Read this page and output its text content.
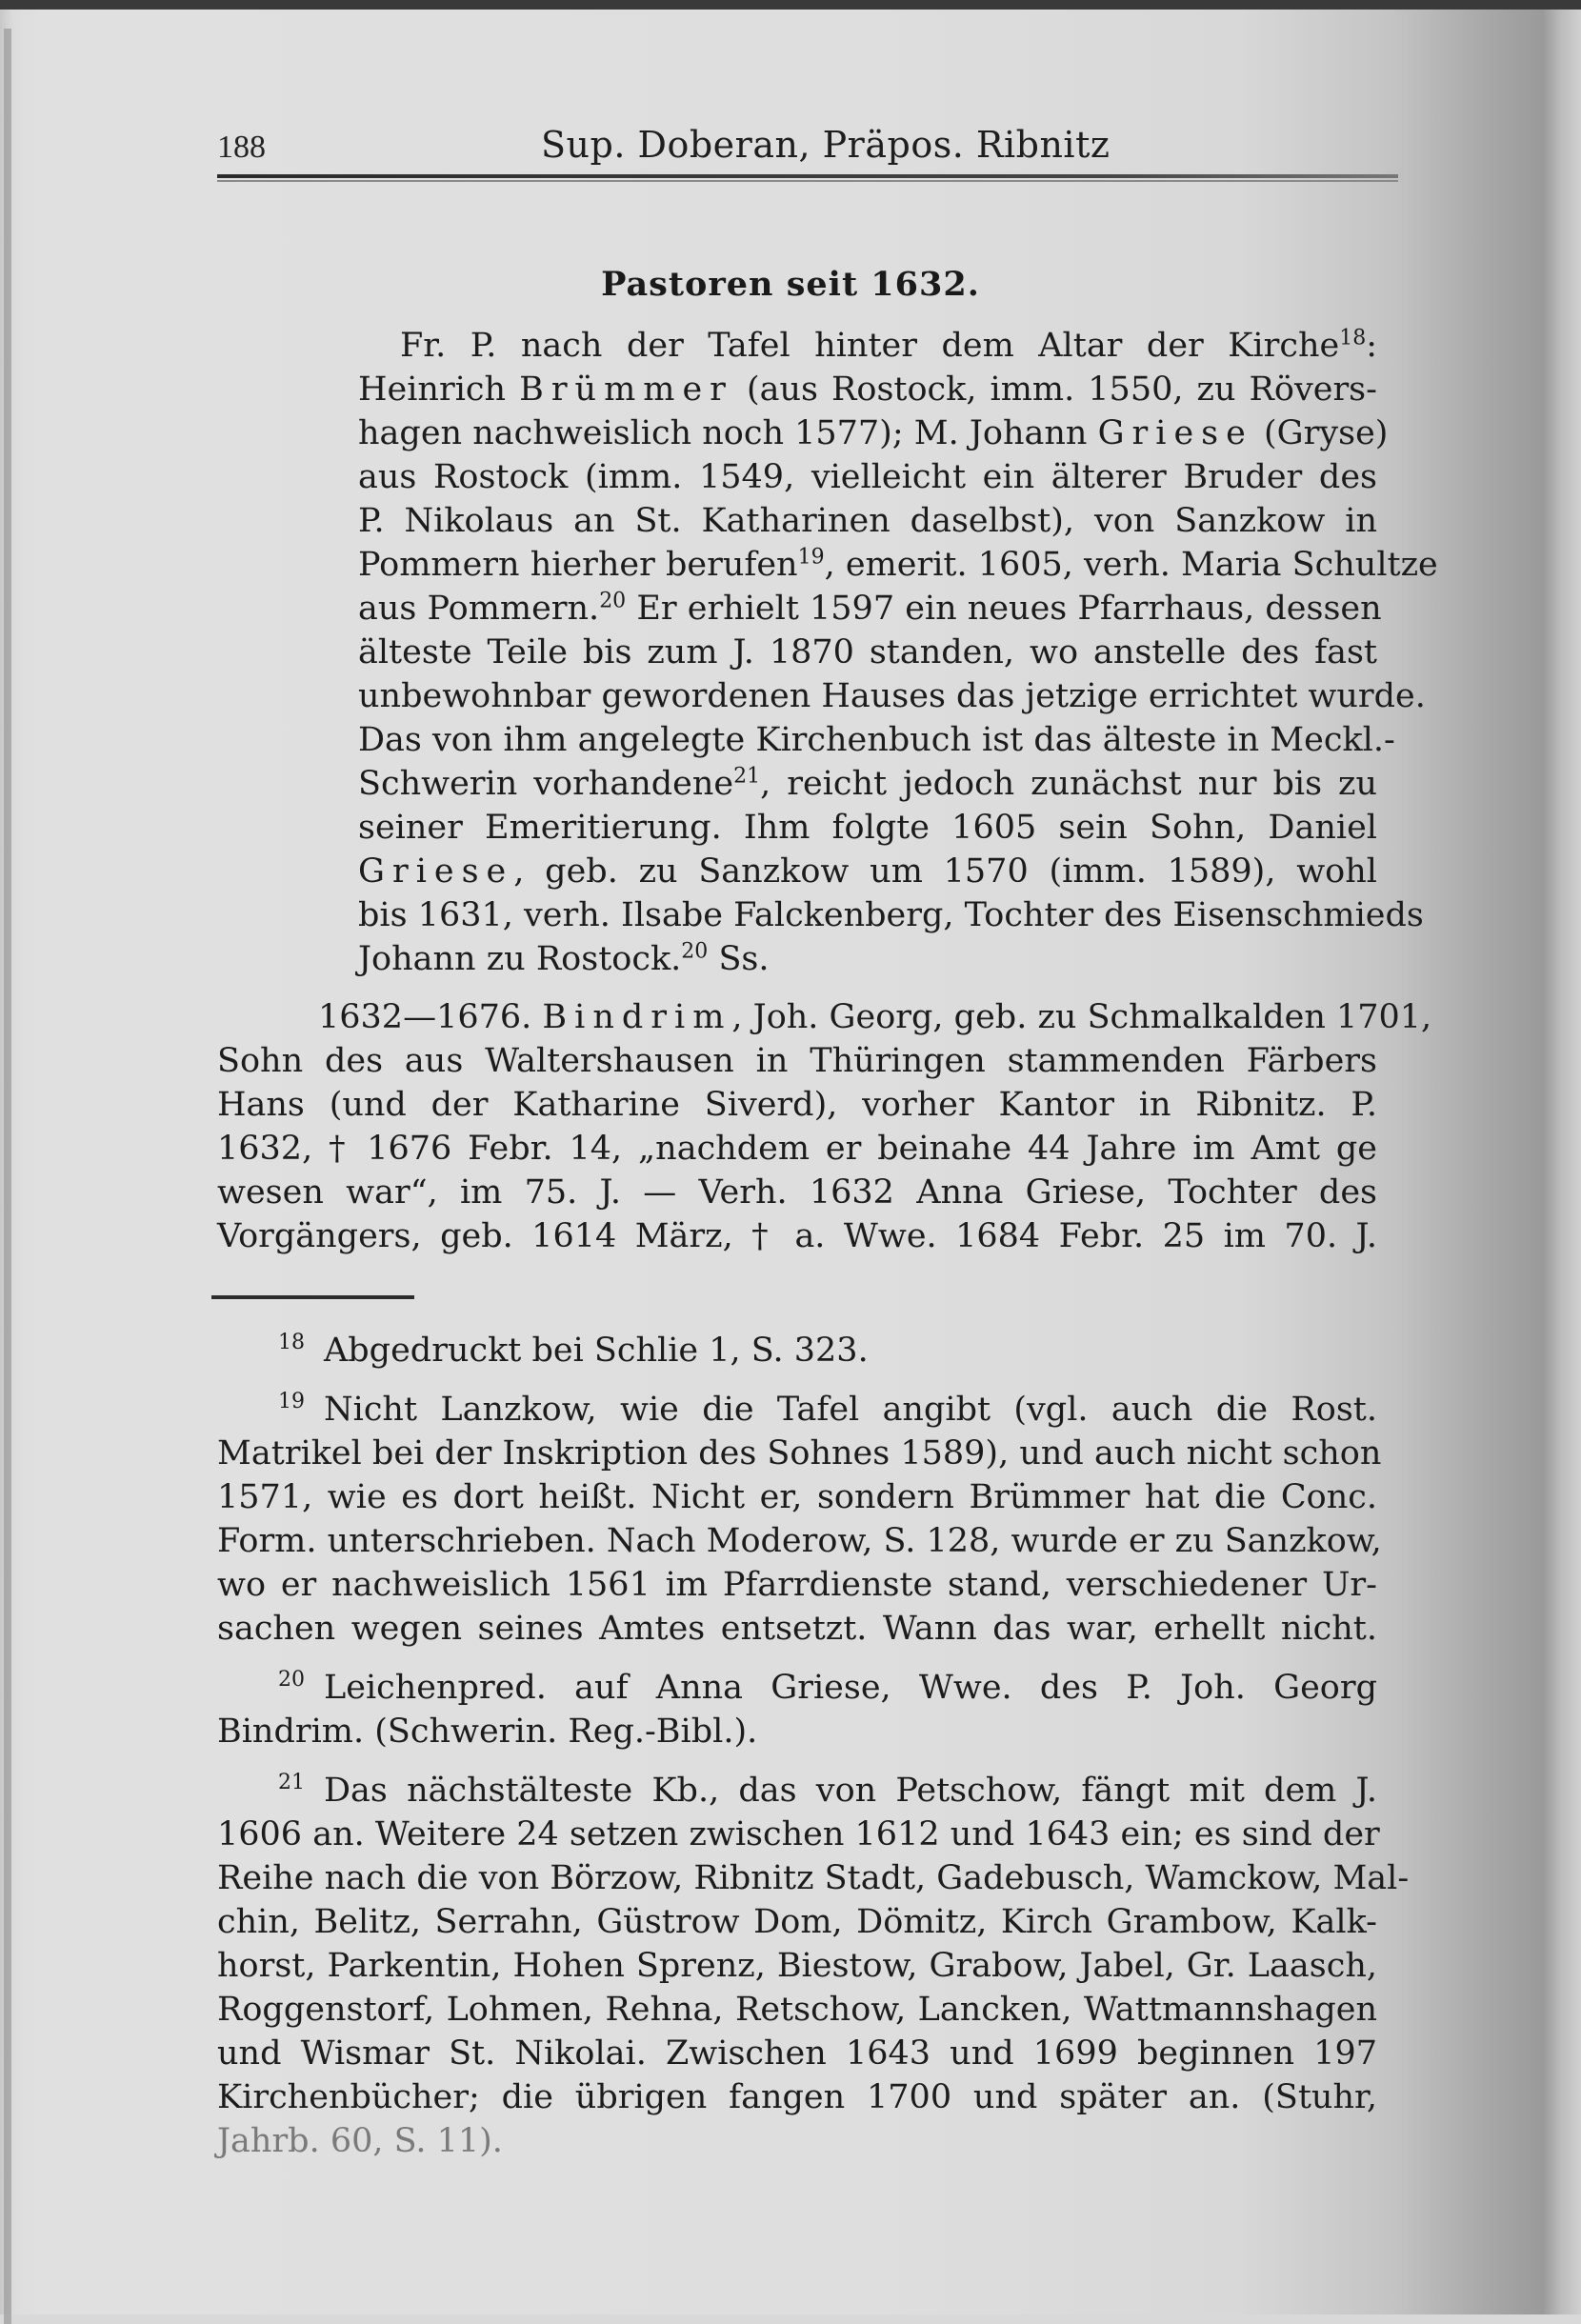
188	Sup. Doberan, Präpos. Ribnitz
Pastoren seit 1632.
Fr. P. nach der Tafel hinter dem Altar der Kirche$^{18}$:
Heinrich Brümmer (aus Rostock, imm. 1550, zu Rövers-
hagen nachweislich noch 1577); M. Johann Griese (Gryse)
aus Rostock (imm. 1549, vielleicht ein älterer Bruder des
P. Nikolaus an St. Katharinen daselbst), von Sanzkow in
Pommern hierher berufen$^{19}$, emerit. 1605, verh. Maria Schultze
aus Pommern.$^{20}$ Er erhielt 1597 ein neues Pfarrhaus, dessen
älteste Teile bis zum J. 1870 standen, wo anstelle des fast
unbewohnbar gewordenen Hauses das jetzige errichtet wurde.
Das von ihm angelegte Kirchenbuch ist das älteste in Meckl.-
Schwerin vorhandene$^{21}$, reicht jedoch zunächst nur bis zu
seiner Emeritierung. Ihm folgte 1605 sein Sohn, Daniel
Griese, geb. zu Sanzkow um 1570 (imm. 1589), wohl
bis 1631, verh. Ilsabe Falckenberg, Tochter des Eisenschmieds
Johann zu Rostock.$^{20}$ Ss.
1632—1676. Bindrim, Joh. Georg, geb. zu Schmalkalden 1701,
Sohn des aus Waltershausen in Thüringen stammenden Färbers
Hans (und der Katharine Siverd), vorher Kantor in Ribnitz. P.
1632, † 1676 Febr. 14, „nachdem er beinahe 44 Jahre im Amt ge
wesen war“, im 75. J. — Verh. 1632 Anna Griese, Tochter des
Vorgängers, geb. 1614 März, † a. Wwe. 1684 Febr. 25 im 70. J.
$^{18}$ Abgedruckt bei Schlie 1, S. 323.
$^{19}$ Nicht Lanzkow, wie die Tafel angibt (vgl. auch die Rost.
Matrikel bei der Inskription des Sohnes 1589), und auch nicht schon
1571, wie es dort heißt. Nicht er, sondern Brümmer hat die Conc.
Form. unterschrieben. Nach Moderow, S. 128, wurde er zu Sanzkow,
wo er nachweislich 1561 im Pfarrdienste stand, verschiedener Ur-
sachen wegen seines Amtes entsetzt. Wann das war, erhellt nicht.
$^{20}$ Leichenpred. auf Anna Griese, Wwe. des P. Joh. Georg
Bindrim. (Schwerin. Reg.-Bibl.).
$^{21}$ Das nächstälteste Kb., das von Petschow, fängt mit dem J.
1606 an. Weitere 24 setzen zwischen 1612 und 1643 ein; es sind der
Reihe nach die von Börzow, Ribnitz Stadt, Gadebusch, Wamckow, Mal-
chin, Belitz, Serrahn, Güstrow Dom, Dömitz, Kirch Grambow, Kalk-
horst, Parkentin, Hohen Sprenz, Biestow, Grabow, Jabel, Gr. Laasch,
Roggenstorf, Lohmen, Rehna, Retschow, Lancken, Wattmannshagen
und Wismar St. Nikolai. Zwischen 1643 und 1699 beginnen 197
Kirchenbücher; die übrigen fangen 1700 und später an. (Stuhr,
Jahrb. 60, S. 11).
